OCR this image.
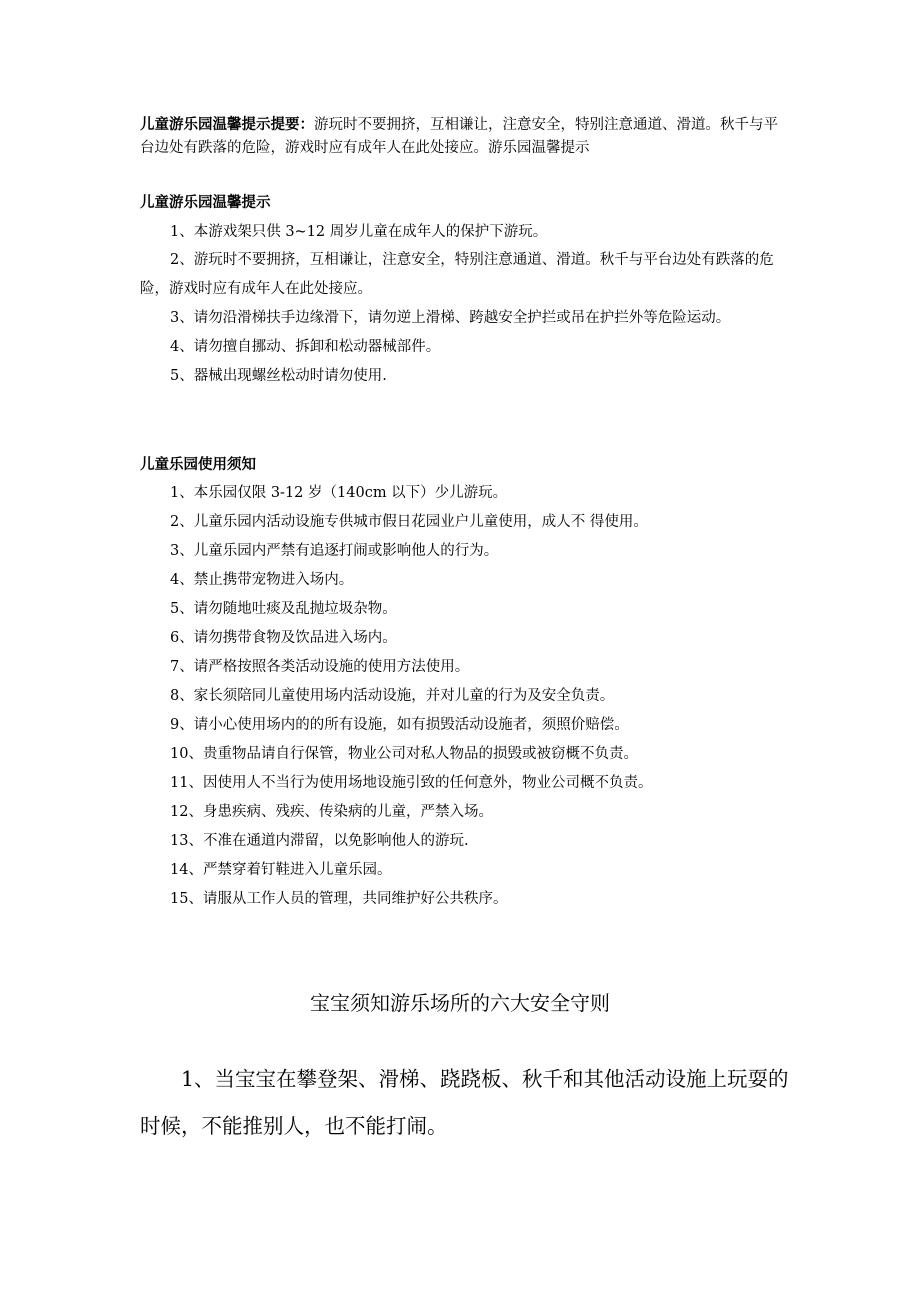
儿童游乐园温馨提示提要：游玩时不要拥挤，互相谦让，注意安全，特别注意通道、滑道。秋千与平台边处有跌落的危险，游戏时应有成年人在此处接应。游乐园温馨提示

儿童游乐园温馨提示
1、本游戏架只供 3~12 周岁儿童在成年人的保护下游玩。
2、游玩时不要拥挤，互相谦让，注意安全，特别注意通道、滑道。秋千与平台边处有跌落的危险，游戏时应有成年人在此处接应。
3、请勿沿滑梯扶手边缘滑下，请勿逆上滑梯、跨越安全护拦或吊在护拦外等危险运动。
4、请勿擅自挪动、拆卸和松动器械部件。
5、器械出现螺丝松动时请勿使用.
儿童乐园使用须知
1、本乐园仅限 3-12 岁（140cm 以下）少儿游玩。
2、儿童乐园内活动设施专供城市假日花园业户儿童使用，成人不 得使用。
3、儿童乐园内严禁有追逐打闹或影响他人的行为。
4、禁止携带宠物进入场内。
5、请勿随地吐痰及乱抛垃圾杂物。
6、请勿携带食物及饮品进入场内。
7、请严格按照各类活动设施的使用方法使用。
8、家长须陪同儿童使用场内活动设施，并对儿童的行为及安全负责。
9、请小心使用场内的的所有设施，如有损毁活动设施者，须照价赔偿。
10、贵重物品请自行保管，物业公司对私人物品的损毁或被窃概不负责。
11、因使用人不当行为使用场地设施引致的任何意外，物业公司概不负责。
12、身患疾病、残疾、传染病的儿童，严禁入场。
13、不准在通道内滞留，以免影响他人的游玩.
14、严禁穿着钉鞋进入儿童乐园。
15、请服从工作人员的管理，共同维护好公共秩序。
宝宝须知游乐场所的六大安全守则

1、当宝宝在攀登架、滑梯、跷跷板、秋千和其他活动设施上玩耍的时候，不能推别人，也不能打闹。
